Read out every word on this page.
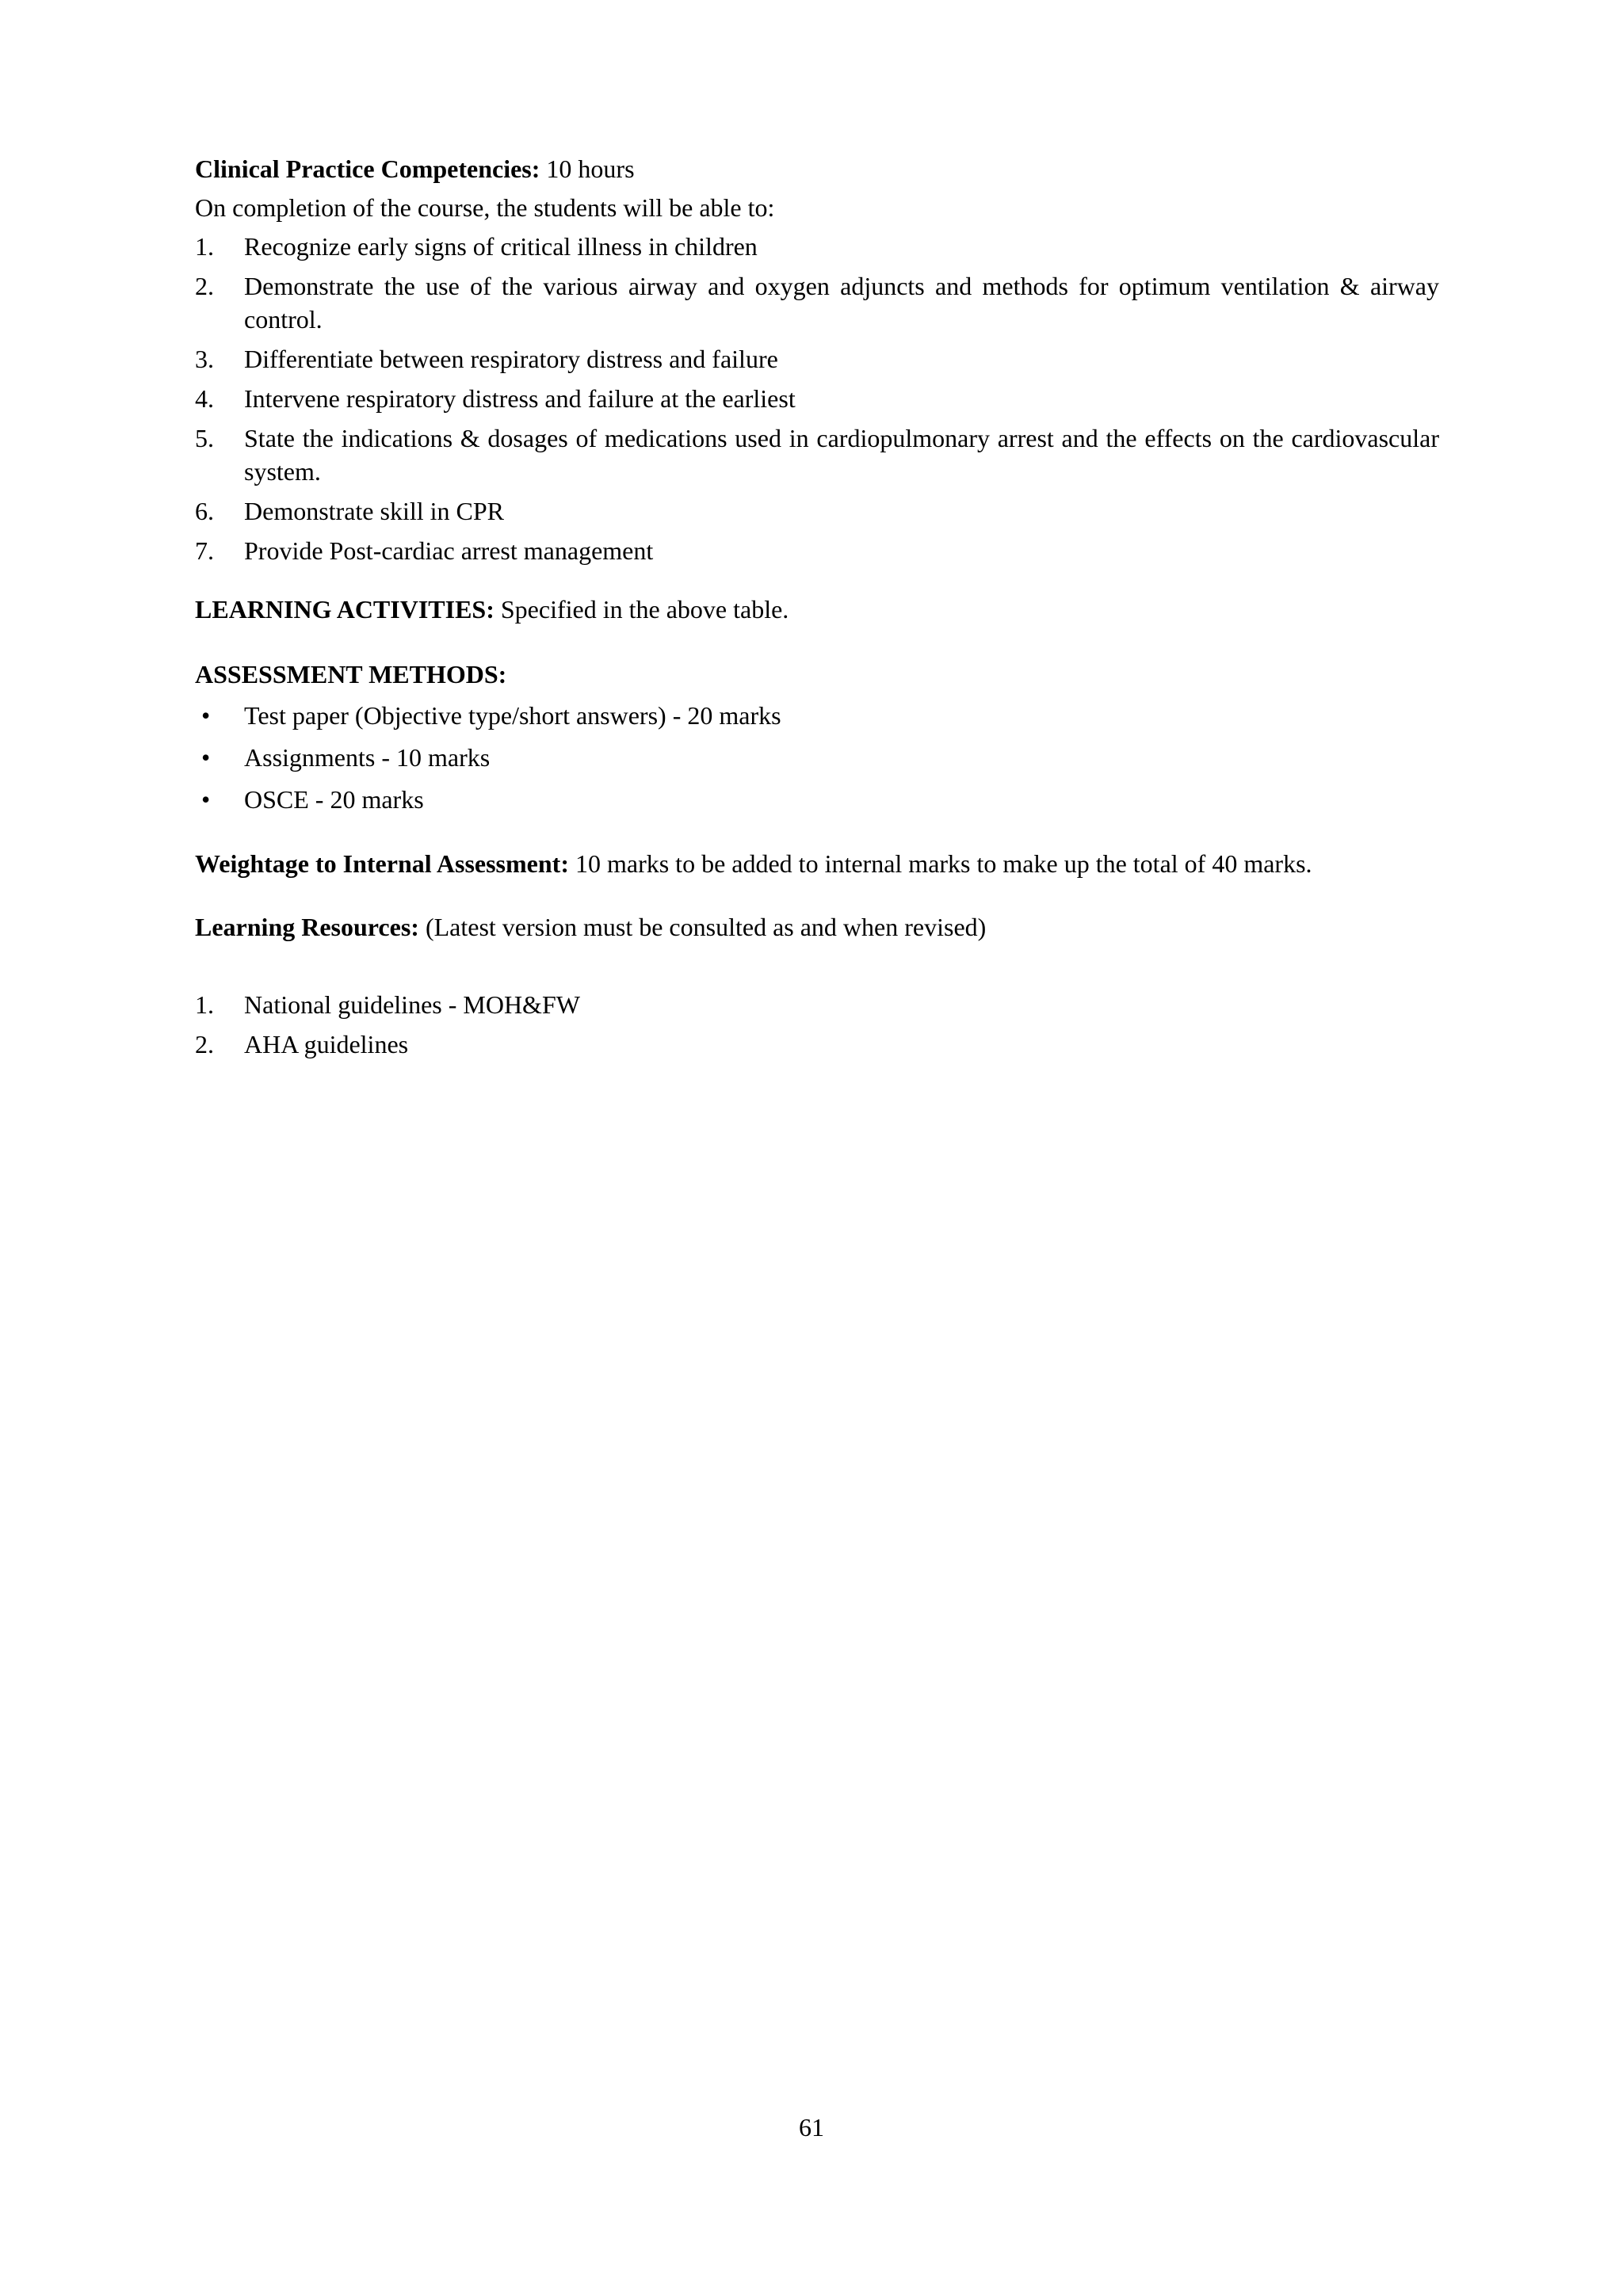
Clinical Practice Competencies: 10 hours

On completion of the course, the students will be able to:

1. Recognize early signs of critical illness in children
2. Demonstrate the use of the various airway and oxygen adjuncts and methods for optimum ventilation & airway control.
3. Differentiate between respiratory distress and failure
4. Intervene respiratory distress and failure at the earliest
5. State the indications & dosages of medications used in cardiopulmonary arrest and the effects on the cardiovascular system.
6. Demonstrate skill in CPR
7. Provide Post-cardiac arrest management

LEARNING ACTIVITIES: Specified in the above table.

ASSESSMENT METHODS:

• Test paper (Objective type/short answers) - 20 marks
• Assignments - 10 marks
• OSCE - 20 marks

Weightage to Internal Assessment: 10 marks to be added to internal marks to make up the total of 40 marks.

Learning Resources: (Latest version must be consulted as and when revised)

1. National guidelines - MOH&FW
2. AHA guidelines
61
